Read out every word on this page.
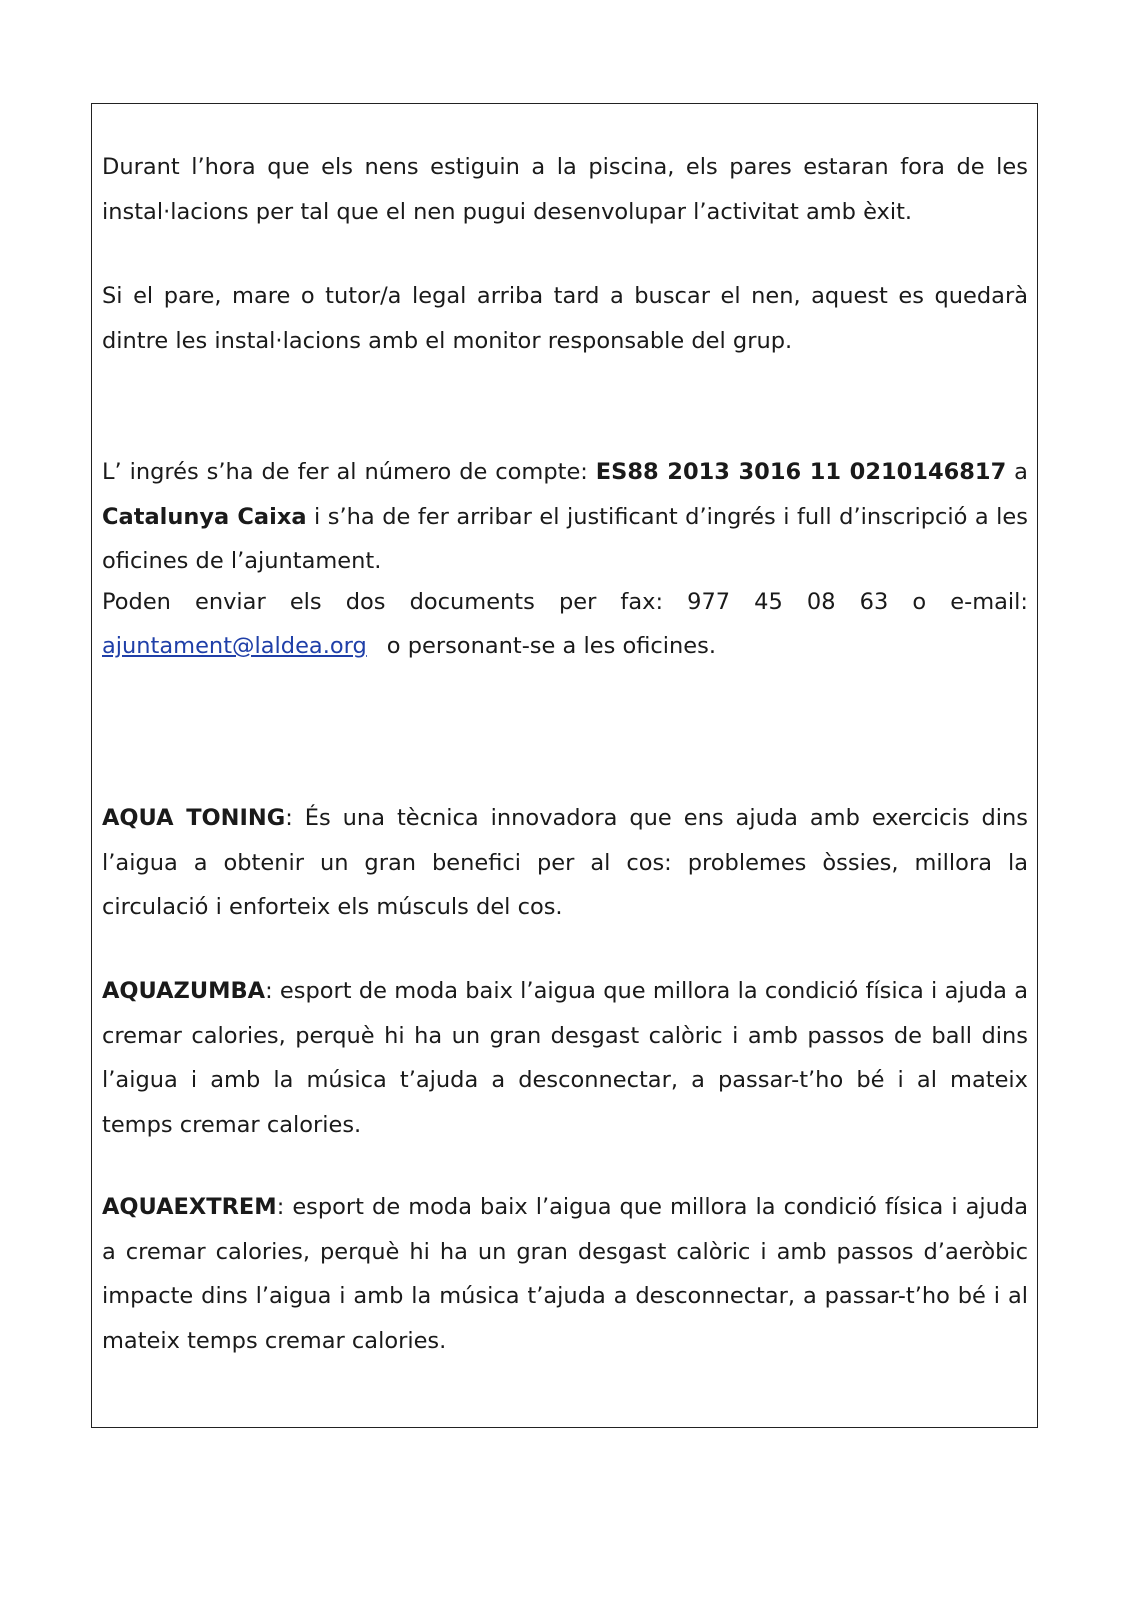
Durant l’hora que els nens estiguin a la piscina, els pares estaran fora de les instal·lacions per tal que el nen pugui desenvolupar l’activitat amb èxit.

Si el pare, mare o tutor/a legal arriba tard a buscar el nen, aquest es quedarà dintre les instal·lacions amb el monitor responsable del grup.

L’ ingrés s’ha de fer al número de compte: ES88 2013 3016 11 0210146817 a Catalunya Caixa i s’ha de fer arribar el justificant d’ingrés i full d’inscripció a les oficines de l’ajuntament.

Poden enviar els dos documents per fax: 977 45 08 63 o e-mail:

ajuntament@laldea.org o personant-se a les oficines.

AQUA TONING: És una tècnica innovadora que ens ajuda amb exercicis dins l’aigua a obtenir un gran benefici per al cos: problemes òssies, millora la circulació i enforteix els músculs del cos.

AQUAZUMBA: esport de moda baix l’aigua que millora la condició física i ajuda a cremar calories, perquè hi ha un gran desgast calòric i amb passos de ball dins l’aigua i amb la música t’ajuda a desconnectar, a passar-t’ho bé i al mateix temps cremar calories.

AQUAEXTREM: esport de moda baix l’aigua que millora la condició física i ajuda a cremar calories, perquè hi ha un gran desgast calòric i amb passos d’aeròbic impacte dins l’aigua i amb la música t’ajuda a desconnectar, a passar-t’ho bé i al mateix temps cremar calories.
